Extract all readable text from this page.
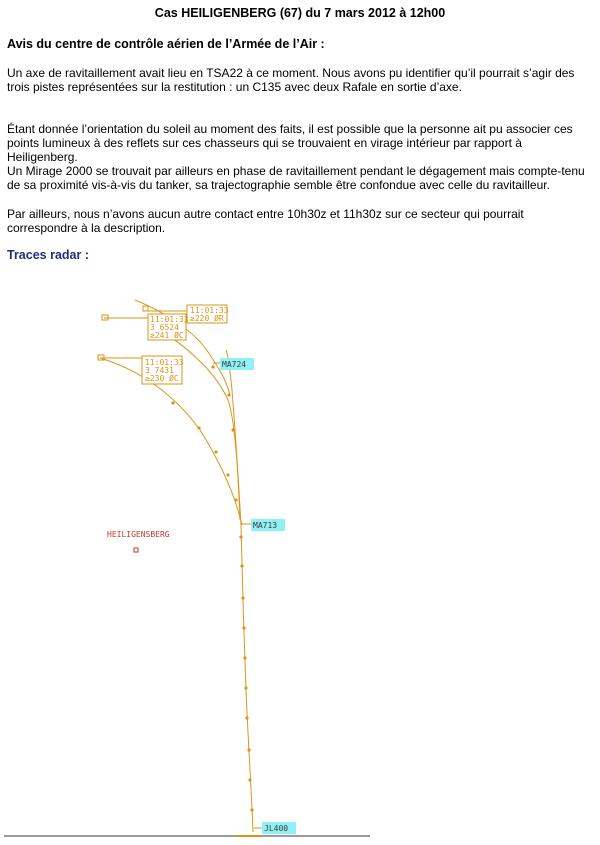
Cas HEILIGENBERG (67) du 7 mars 2012 à 12h00
Avis du centre de contrôle aérien de l’Armée de l’Air :

Un axe de ravitaillement avait lieu en TSA22 à ce moment. Nous avons pu identifier qu’il pourrait s’agir des trois pistes représentées sur la restitution : un C135 avec deux Rafale en sortie d’axe.

Étant donnée l’orientation du soleil au moment des faits, il est possible que la personne ait pu associer ces points lumineux à des reflets sur ces chasseurs qui se trouvaient en virage intérieur par rapport à Heiligenberg.
Un Mirage 2000 se trouvait par ailleurs en phase de ravitaillement pendant le dégagement mais compte-tenu de sa proximité vis-à-vis du tanker, sa trajectographie semble être confondue avec celle du ravitailleur.

Par ailleurs, nous n’avons aucun autre contact entre 10h30z et 11h30z sur ce secteur qui pourrait correspondre à la description.

Traces radar :
11:01:33
≥220 ØR
11:01:33
3 6524
≥241 ØC
11:01:33
3 7431
≥230 ØC
MA724
MA713
JL400
HEILIGENSBERG
